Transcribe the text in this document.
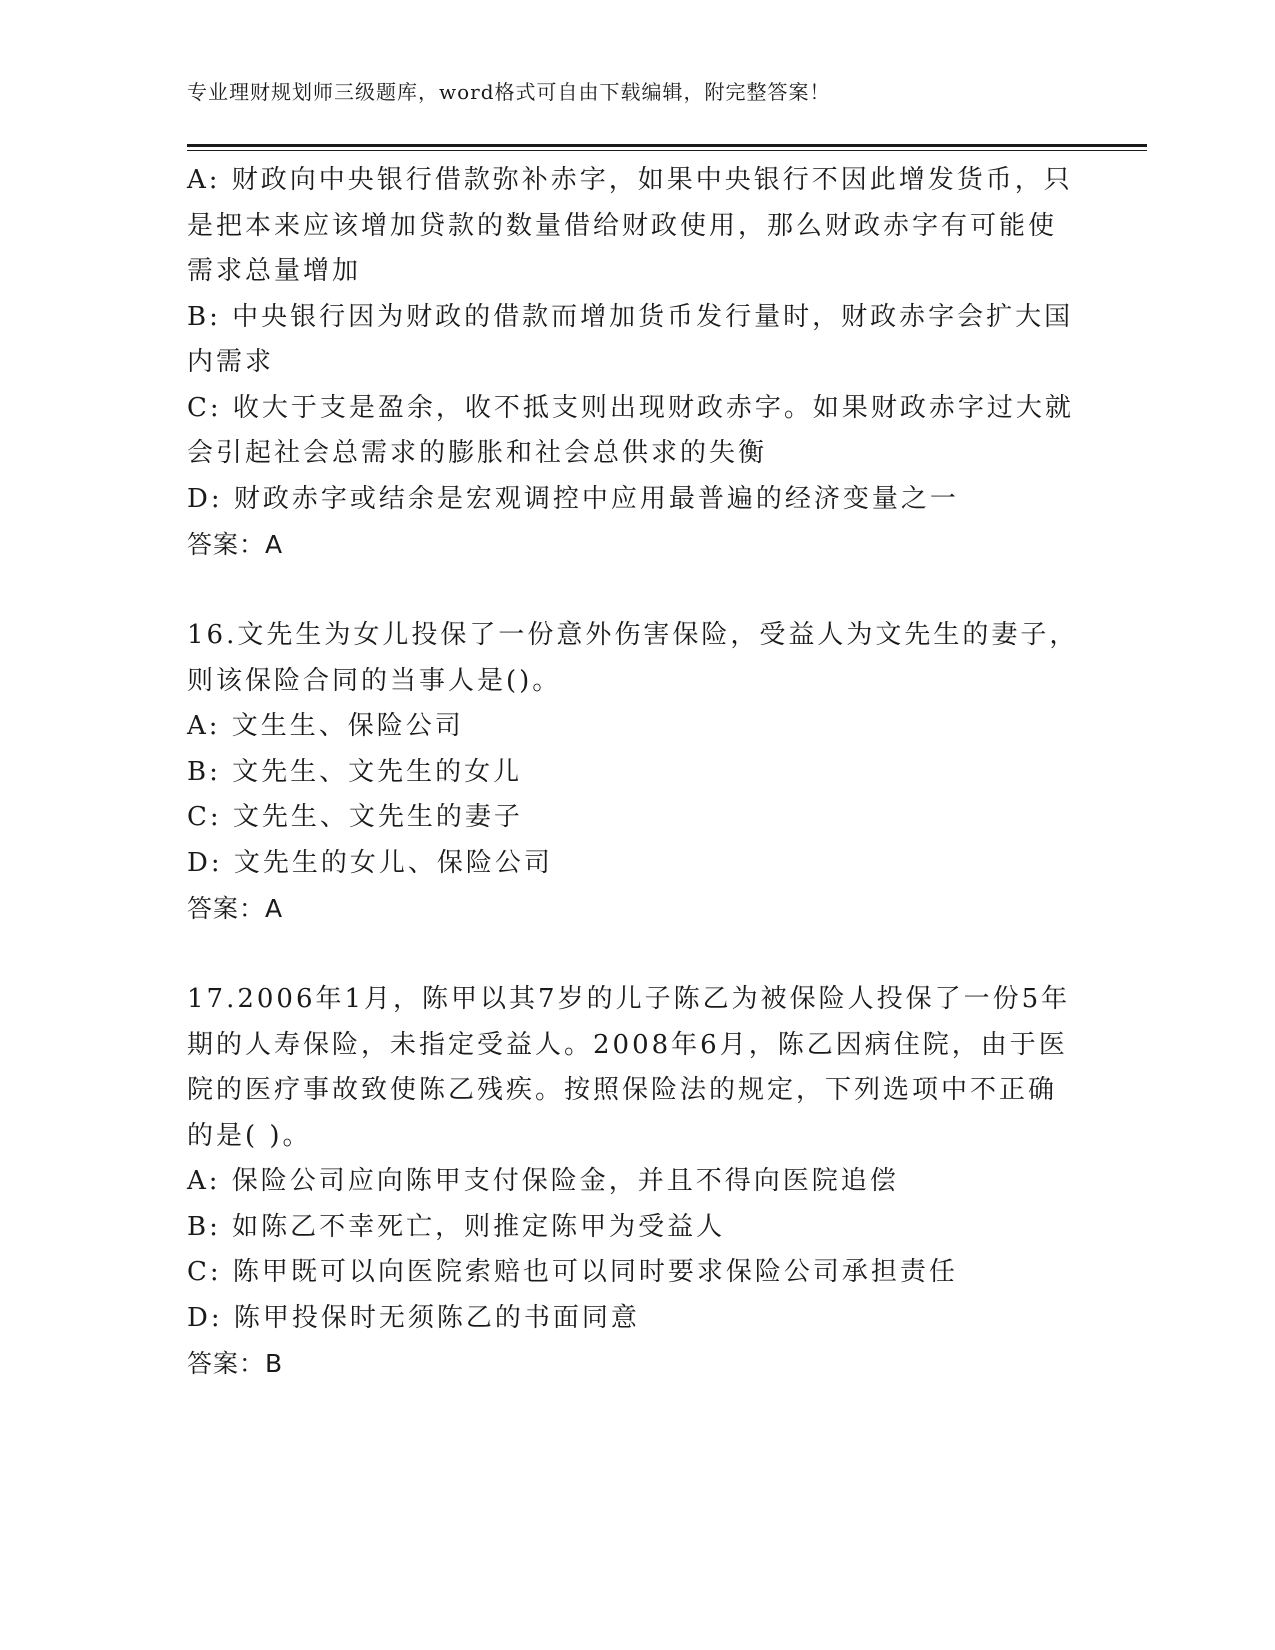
专业理财规划师三级题库，word格式可自由下载编辑，附完整答案！
A: 财政向中央银行借款弥补赤字，如果中央银行不因此增发货币，只
是把本来应该增加贷款的数量借给财政使用，那么财政赤字有可能使
需求总量增加
B: 中央银行因为财政的借款而增加货币发行量时，财政赤字会扩大国
内需求
C: 收大于支是盈余，收不抵支则出现财政赤字。如果财政赤字过大就
会引起社会总需求的膨胀和社会总供求的失衡
D: 财政赤字或结余是宏观调控中应用最普遍的经济变量之一
答案：A
16.文先生为女儿投保了一份意外伤害保险，受益人为文先生的妻子，
则该保险合同的当事人是()。
A: 文生生、保险公司
B: 文先生、文先生的女儿
C: 文先生、文先生的妻子
D: 文先生的女儿、保险公司
答案：A
17.2006年1月，陈甲以其7岁的儿子陈乙为被保险人投保了一份5年
期的人寿保险，未指定受益人。2008年6月，陈乙因病住院，由于医
院的医疗事故致使陈乙残疾。按照保险法的规定，下列选项中不正确
的是( )。
A: 保险公司应向陈甲支付保险金，并且不得向医院追偿
B: 如陈乙不幸死亡，则推定陈甲为受益人
C: 陈甲既可以向医院索赔也可以同时要求保险公司承担责任
D: 陈甲投保时无须陈乙的书面同意
答案：B
